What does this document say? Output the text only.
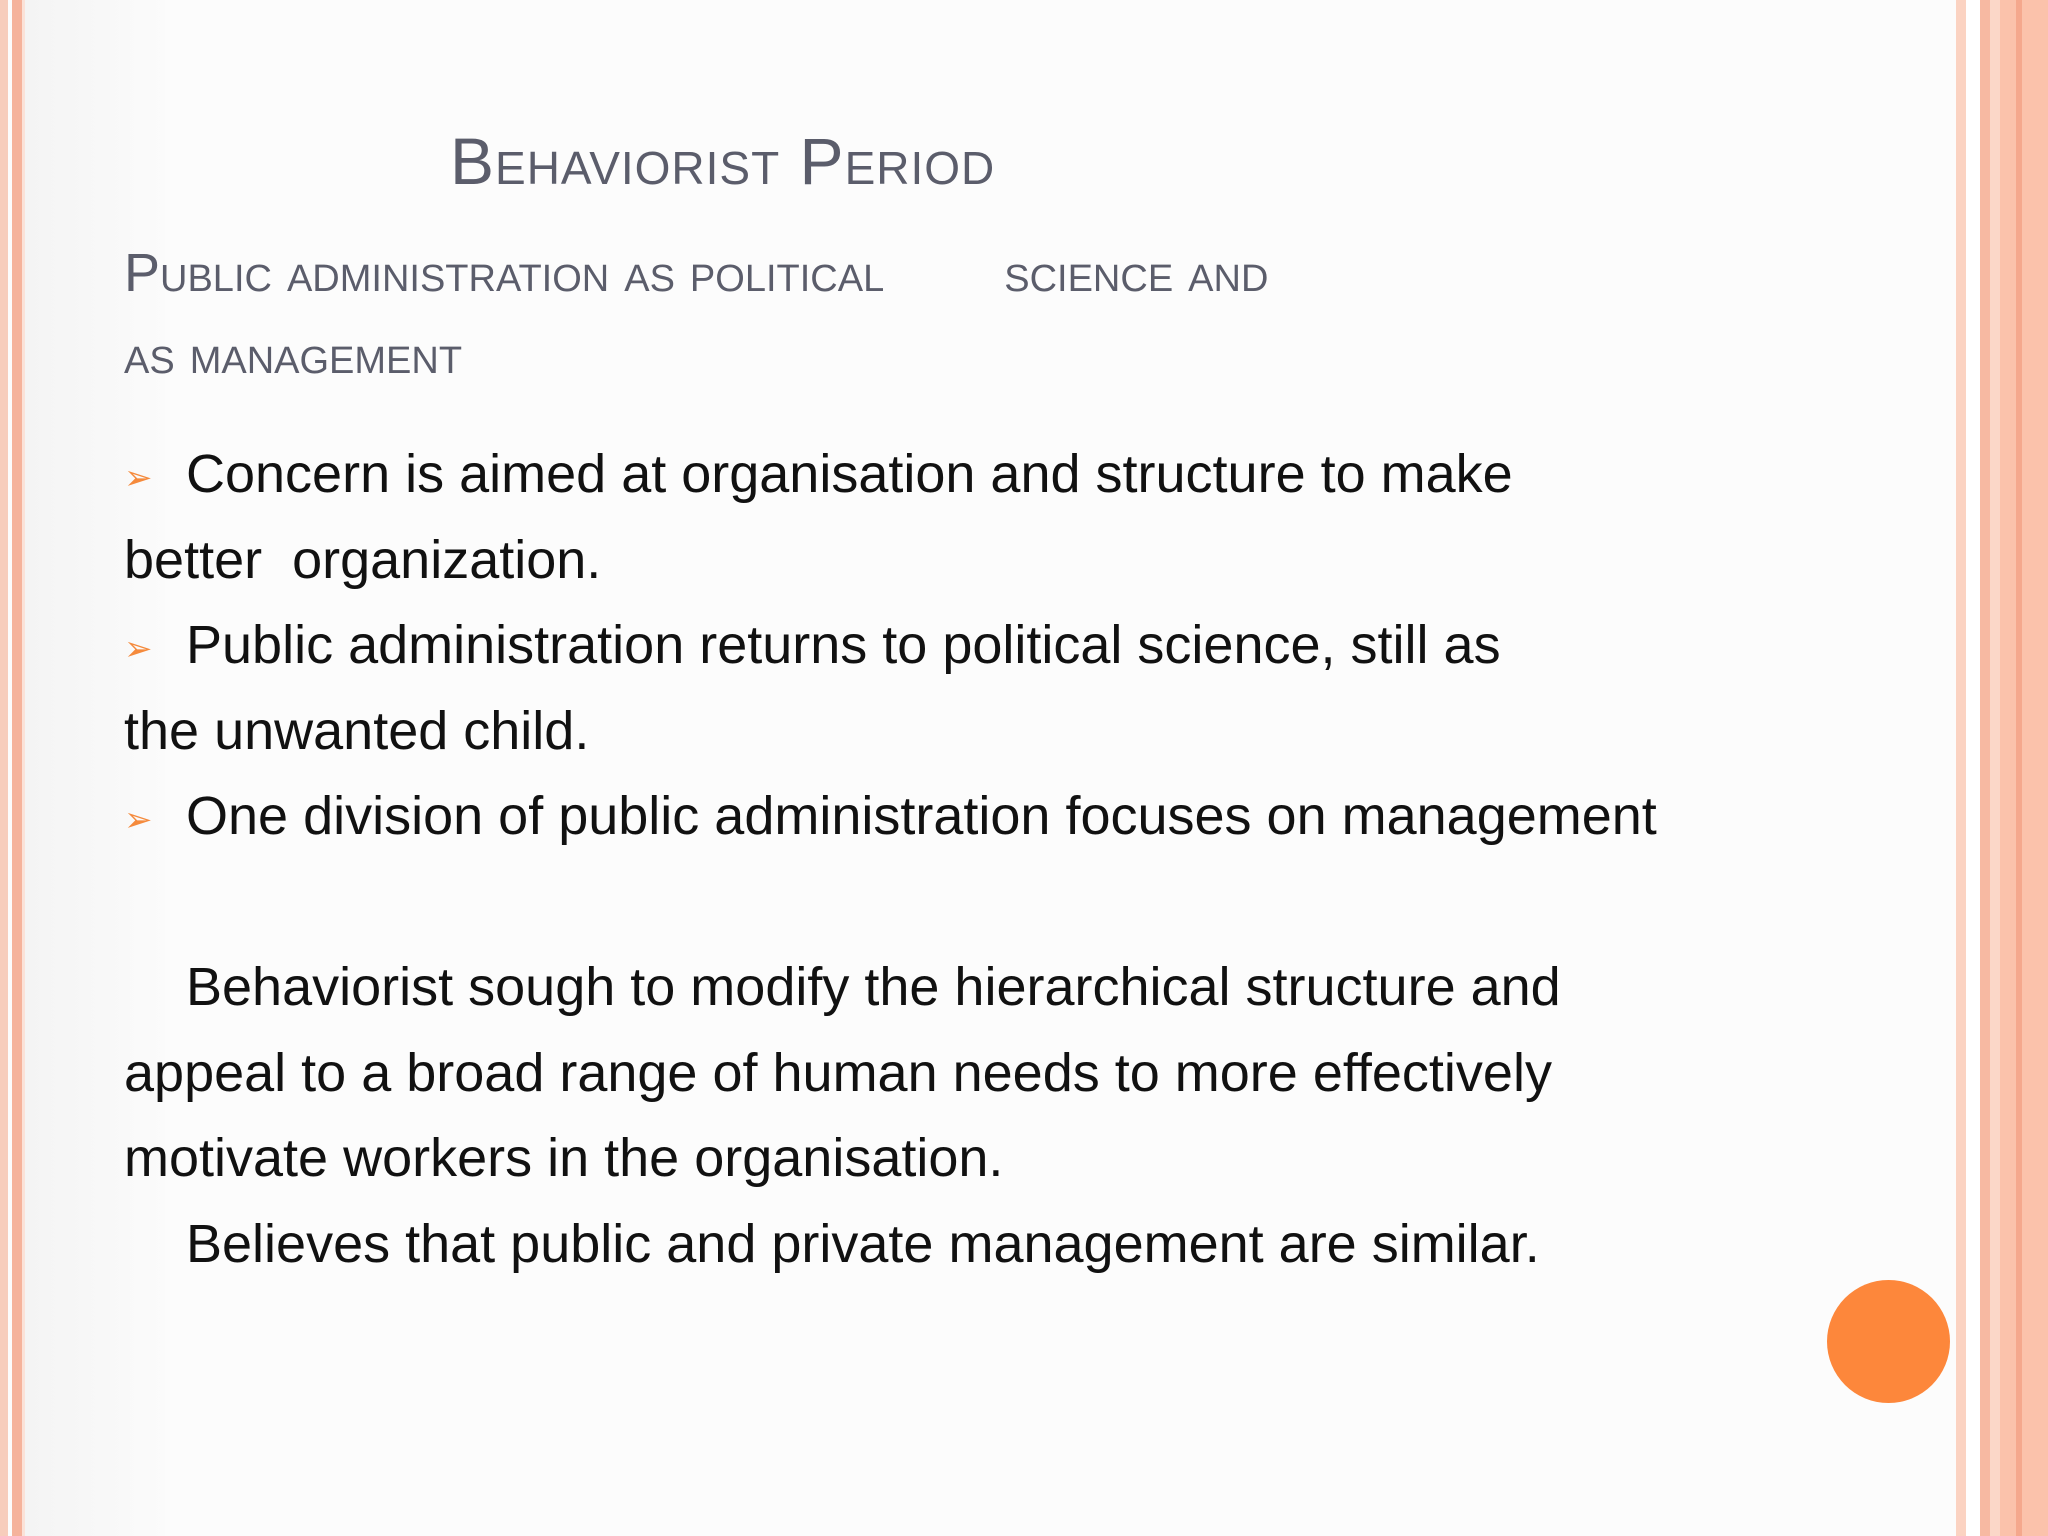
Behaviorist Period
Public administration as political        science and
as management
➢ Concern is aimed at organisation and structure to make
better  organization.
➢ Public administration returns to political science, still as
the unwanted child.
➢ One division of public administration focuses on management
Behaviorist sough to modify the hierarchical structure and
appeal to a broad range of human needs to more effectively
motivate workers in the organisation.
Believes that public and private management are similar.
